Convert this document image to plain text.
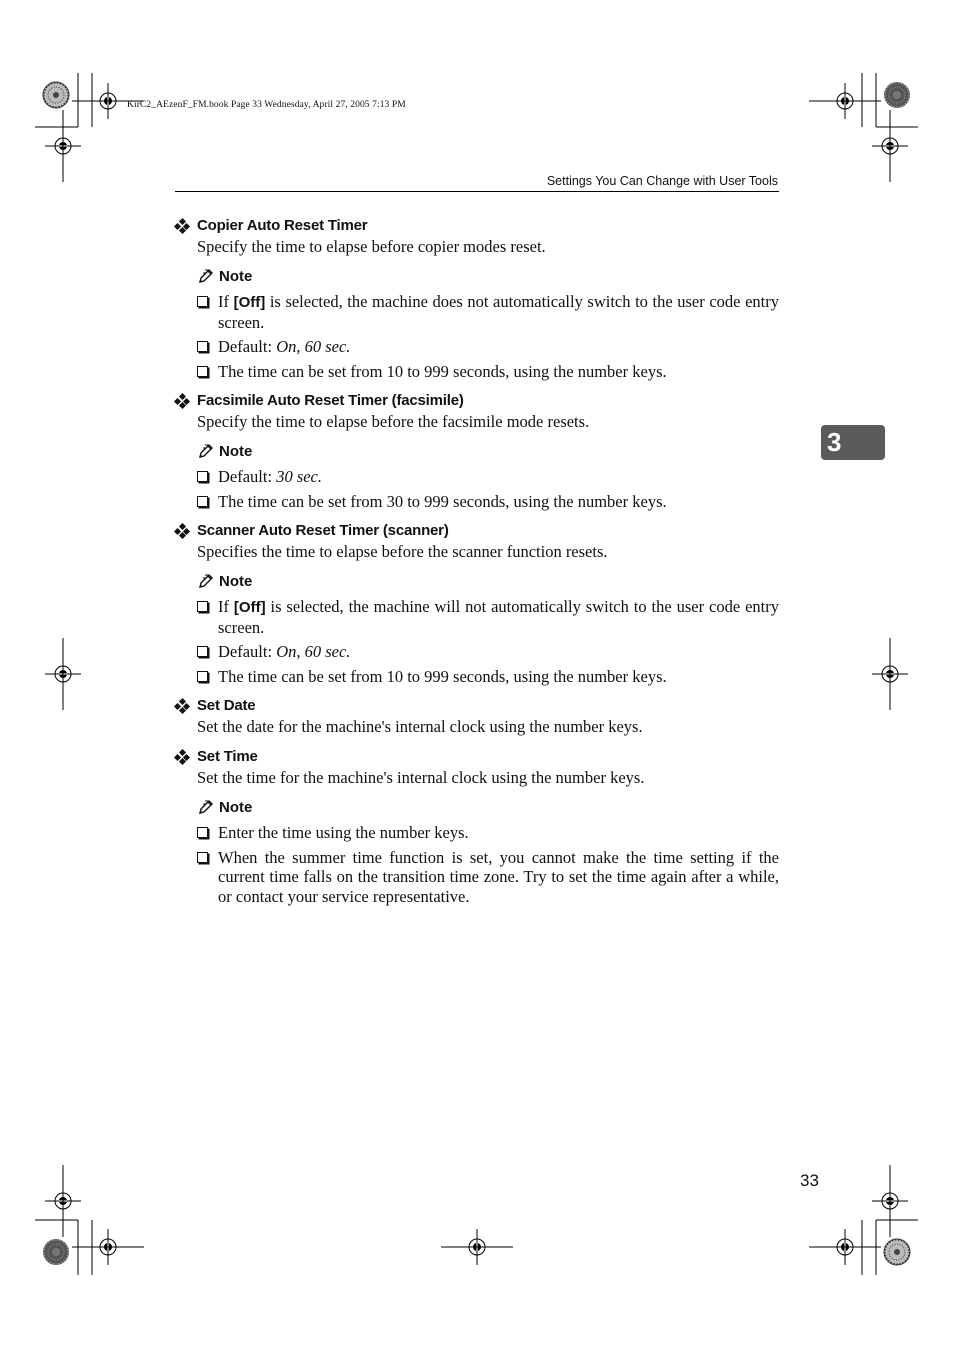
KirC2_AEzenF_FM.book Page 33 Wednesday, April 27, 2005 7:13 PM
Settings You Can Change with User Tools
3
33
Copier Auto Reset Timer
Specify the time to elapse before copier modes reset.
Note
If [Off] is selected, the machine does not automatically switch to the user code entry screen.
Default: On, 60 sec.
The time can be set from 10 to 999 seconds, using the number keys.
Facsimile Auto Reset Timer (facsimile)
Specify the time to elapse before the facsimile mode resets.
Note
Default: 30 sec.
The time can be set from 30 to 999 seconds, using the number keys.
Scanner Auto Reset Timer (scanner)
Specifies the time to elapse before the scanner function resets.
Note
If [Off] is selected, the machine will not automatically switch to the user code entry screen.
Default: On, 60 sec.
The time can be set from 10 to 999 seconds, using the number keys.
Set Date
Set the date for the machine's internal clock using the number keys.
Set Time
Set the time for the machine's internal clock using the number keys.
Note
Enter the time using the number keys.
When the summer time function is set, you cannot make the time setting if the current time falls on the transition time zone. Try to set the time again after a while, or contact your service representative.
